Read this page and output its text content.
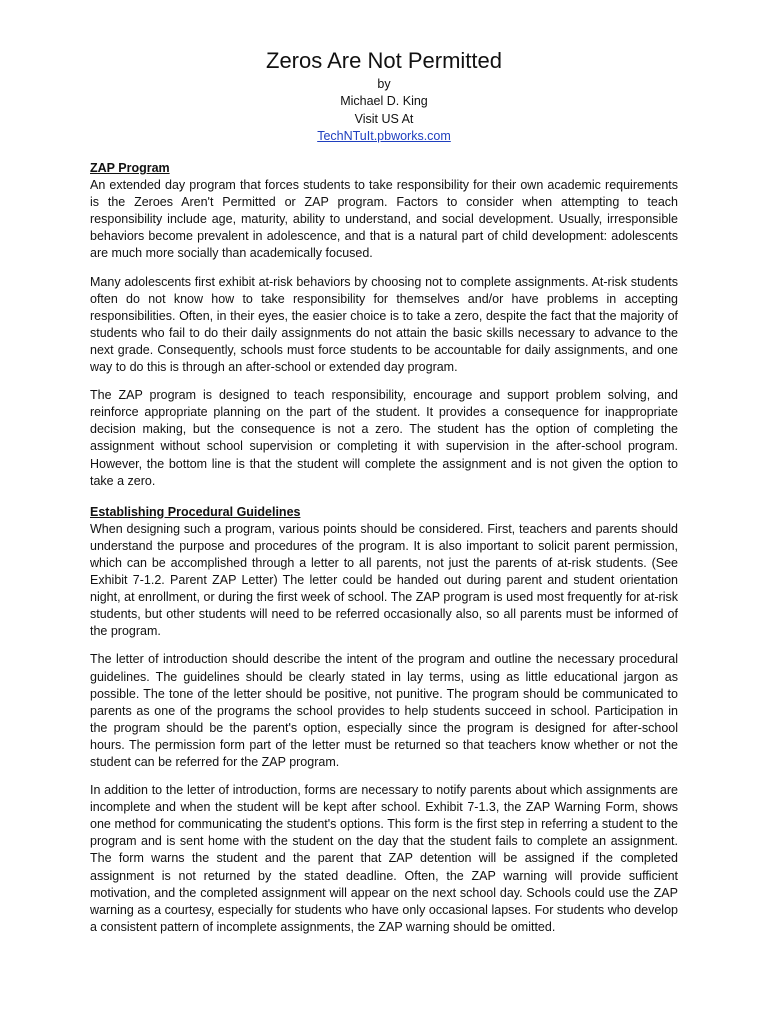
Zeros Are Not Permitted
by
Michael D. King
Visit US At
TechNTuIt.pbworks.com
ZAP Program

An extended day program that forces students to take responsibility for their own academic requirements is the Zeroes Aren't Permitted or ZAP program. Factors to consider when attempting to teach responsibility include age, maturity, ability to understand, and social development. Usually, irresponsible behaviors become prevalent in adolescence, and that is a natural part of child development: adolescents are much more socially than academically focused.

Many adolescents first exhibit at-risk behaviors by choosing not to complete assignments. At-risk students often do not know how to take responsibility for themselves and/or have problems in accepting responsibilities. Often, in their eyes, the easier choice is to take a zero, despite the fact that the majority of students who fail to do their daily assignments do not attain the basic skills necessary to advance to the next grade. Consequently, schools must force students to be accountable for daily assignments, and one way to do this is through an after-school or extended day program.

The ZAP program is designed to teach responsibility, encourage and support problem solving, and reinforce appropriate planning on the part of the student. It provides a consequence for inappropriate decision making, but the consequence is not a zero. The student has the option of completing the assignment without school supervision or completing it with supervision in the after-school program. However, the bottom line is that the student will complete the assignment and is not given the option to take a zero.

Establishing Procedural Guidelines

When designing such a program, various points should be considered. First, teachers and parents should understand the purpose and procedures of the program. It is also important to solicit parent permission, which can be accomplished through a letter to all parents, not just the parents of at-risk students. (See Exhibit 7-1.2. Parent ZAP Letter) The letter could be handed out during parent and student orientation night, at enrollment, or during the first week of school. The ZAP program is used most frequently for at-risk students, but other students will need to be referred occasionally also, so all parents must be informed of the program.

The letter of introduction should describe the intent of the program and outline the necessary procedural guidelines. The guidelines should be clearly stated in lay terms, using as little educational jargon as possible. The tone of the letter should be positive, not punitive. The program should be communicated to parents as one of the programs the school provides to help students succeed in school. Participation in the program should be the parent's option, especially since the program is designed for after-school hours. The permission form part of the letter must be returned so that teachers know whether or not the student can be referred for the ZAP program.

In addition to the letter of introduction, forms are necessary to notify parents about which assignments are incomplete and when the student will be kept after school. Exhibit 7-1.3, the ZAP Warning Form, shows one method for communicating the student's options. This form is the first step in referring a student to the program and is sent home with the student on the day that the student fails to complete an assignment. The form warns the student and the parent that ZAP detention will be assigned if the completed assignment is not returned by the stated deadline. Often, the ZAP warning will provide sufficient motivation, and the completed assignment will appear on the next school day. Schools could use the ZAP warning as a courtesy, especially for students who have only occasional lapses. For students who develop a consistent pattern of incomplete assignments, the ZAP warning should be omitted.
